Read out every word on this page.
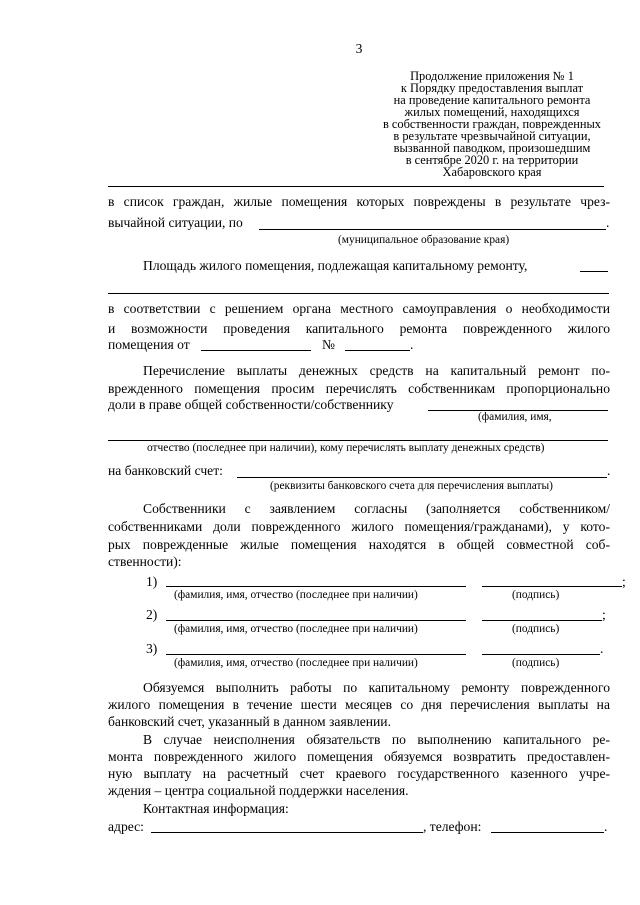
3
Продолжение приложения № 1
к Порядку предоставления выплат
на проведение капитального ремонта
жилых помещений, находящихся
в собственности граждан, поврежденных
в результате чрезвычайной ситуации,
вызванной паводком, произошедшим
в сентябре 2020 г. на территории
Хабаровского края
в список граждан, жилые помещения которых повреждены в результате чрез-
вычайной ситуации, по	.
(муниципальное образование края)
Площадь жилого помещения, подлежащая капитальному ремонту,
в соответствии с решением органа местного самоуправления о необходимости
и возможности проведения капитального ремонта поврежденного жилого
помещения от	№	.
Перечисление выплаты денежных средств на капитальный ремонт по-
врежденного помещения просим перечислять собственникам пропорционально
доли в праве общей собственности/собственнику
(фамилия, имя,
отчество (последнее при наличии), кому перечислять выплату денежных средств)
на банковский счет:	.
(реквизиты банковского счета для перечисления выплаты)
Собственники с заявлением согласны (заполняется собственником/
собственниками доли поврежденного жилого помещения/гражданами), у кото-
рых поврежденные жилые помещения находятся в общей совместной соб-
ственности):
1)	;
(фамилия, имя, отчество (последнее при наличии)	(подпись)
2)	;
(фамилия, имя, отчество (последнее при наличии)	(подпись)
3)	.
(фамилия, имя, отчество (последнее при наличии)	(подпись)
Обязуемся выполнить работы по капитальному ремонту поврежденного
жилого помещения в течение шести месяцев со дня перечисления выплаты на
банковский счет, указанный в данном заявлении.
В случае неисполнения обязательств по выполнению капитального ре-
монта поврежденного жилого помещения обязуемся возвратить предоставлен-
ную выплату на расчетный счет краевого государственного казенного учре-
ждения – центра социальной поддержки населения.
Контактная информация:
адрес:	, телефон:	.
